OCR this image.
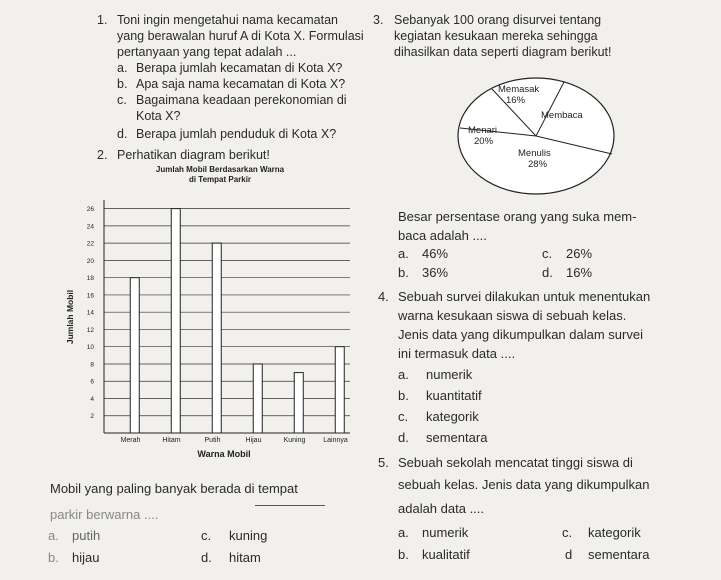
1. Toni ingin mengetahui nama kecamatan
yang berawalan huruf A di Kota X. Formulasi
pertanyaan yang tepat adalah ...
a. Berapa jumlah kecamatan di Kota X?
b. Apa saja nama kecamatan di Kota X?
c. Bagaimana keadaan perekonomian di
Kota X?
d. Berapa jumlah penduduk di Kota X?
2. Perhatikan diagram berikut!
Jumlah Mobil Berdasarkan Warna
di Tempat Parkir
2
4
6
8
10
12
14
16
18
20
22
24
26
Merah	Hitam	Putih	Hijau	Kuning	Lainnya
Jumlah Mobil
Warna Mobil
Mobil yang paling banyak berada di tempat
parkir berwarna ....
a. putih
b. hijau
c. kuning
d. hitam
3. Sebanyak 100 orang disurvei tentang
kegiatan kesukaan mereka sehingga
dihasilkan data seperti diagram berikut!
Memasak
16%
Membaca
Menari
20%
Menulis
28%
Besar persentase orang yang suka mem-
baca adalah ....
a. 46%
b. 36%
c. 26%
d. 16%
4. Sebuah survei dilakukan untuk menentukan
warna kesukaan siswa di sebuah kelas.
Jenis data yang dikumpulkan dalam survei
ini termasuk data ....
a. numerik
b. kuantitatif
c. kategorik
d. sementara
5. Sebuah sekolah mencatat tinggi siswa di
sebuah kelas. Jenis data yang dikumpulkan
adalah data ....
a. numerik
b. kualitatif
c. kategorik
d sementara
